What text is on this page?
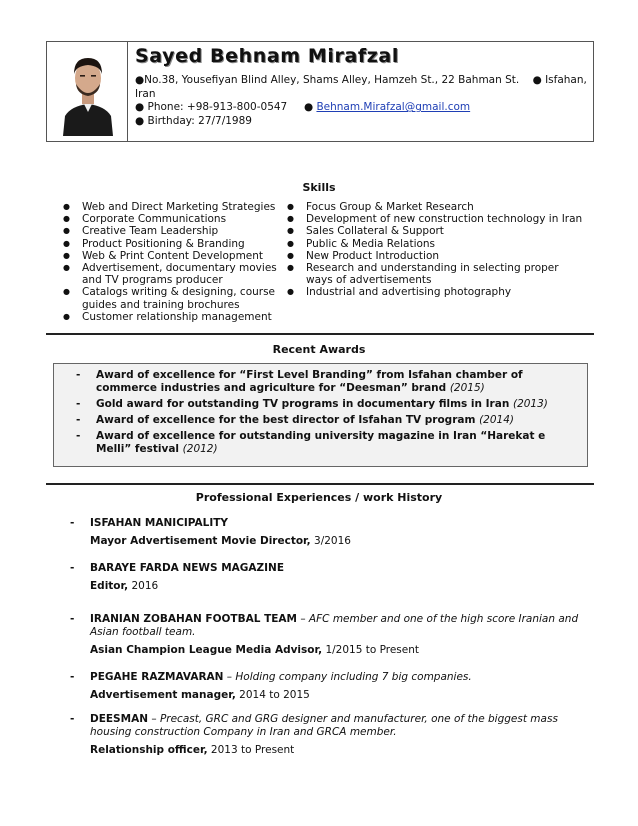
Sayed Behnam Mirafzal
●No.38, Yousefiyan Blind Alley, Shams Alley, Hamzeh St., 22 Bahman St.    ● Isfahan,
Iran
● Phone: +98-913-800-0547 ● Behnam.Mirafzal@gmail.com
● Birthday: 27/7/1989
Skills
● Web and Direct Marketing Strategies
● Corporate Communications
● Creative Team Leadership
● Product Positioning & Branding
● Web & Print Content Development
● Advertisement, documentary movies and TV programs producer
● Catalogs writing & designing, course guides and training brochures
● Customer relationship management
● Focus Group & Market Research
● Development of new construction technology in Iran
● Sales Collateral & Support
● Public & Media Relations
● New Product Introduction
● Research and understanding in selecting proper ways of advertisements
● Industrial and advertising photography
Recent Awards
- Award of excellence for “First Level Branding” from Isfahan chamber of commerce industries and agriculture for “Deesman” brand (2015)
- Gold award for outstanding TV programs in documentary films in Iran (2013)
- Award of excellence for the best director of Isfahan TV program (2014)
- Award of excellence for outstanding university magazine in Iran “Harekat e Melli” festival (2012)
Professional Experiences / work History
- ISFAHAN MANICIPALITY
Mayor Advertisement Movie Director, 3/2016
- BARAYE FARDA NEWS MAGAZINE
Editor, 2016
- IRANIAN ZOBAHAN FOOTBAL TEAM – AFC member and one of the high score Iranian and Asian football team.
Asian Champion League Media Advisor, 1/2015 to Present
- PEGAHE RAZMAVARAN – Holding company including 7 big companies.
Advertisement manager, 2014 to 2015
- DEESMAN – Precast, GRC and GRG designer and manufacturer, one of the biggest mass housing construction Company in Iran and GRCA member.
Relationship officer, 2013 to Present
